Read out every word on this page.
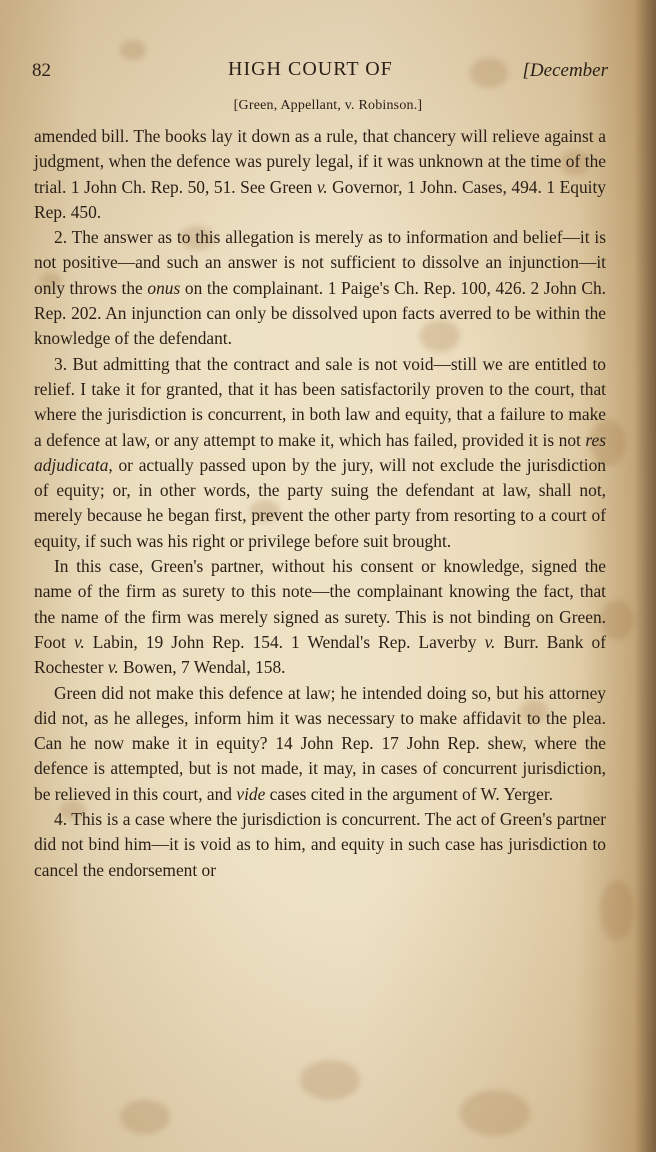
82	HIGH COURT OF	[December
[Green, Appellant, v. Robinson.]

amended bill. The books lay it down as a rule, that chancery will relieve against a judgment, when the defence was purely legal, if it was unknown at the time of the trial. 1 John Ch. Rep. 50, 51. See Green v. Governor, 1 John. Cases, 494. 1 Equity Rep. 450.

2. The answer as to this allegation is merely as to information and belief—it is not positive—and such an answer is not sufficient to dissolve an injunction—it only throws the onus on the complainant. 1 Paige's Ch. Rep. 100, 426. 2 John Ch. Rep. 202. An injunction can only be dissolved upon facts averred to be within the knowledge of the defendant.

3. But admitting that the contract and sale is not void—still we are entitled to relief. I take it for granted, that it has been satisfactorily proven to the court, that where the jurisdiction is concurrent, in both law and equity, that a failure to make a defence at law, or any attempt to make it, which has failed, provided it is not res adjudicata, or actually passed upon by the jury, will not exclude the jurisdiction of equity; or, in other words, the party suing the defendant at law, shall not, merely because he began first, prevent the other party from resorting to a court of equity, if such was his right or privilege before suit brought.

In this case, Green's partner, without his consent or knowledge, signed the name of the firm as surety to this note—the complainant knowing the fact, that the name of the firm was merely signed as surety. This is not binding on Green. Foot v. Labin, 19 John Rep. 154. 1 Wendal's Rep. Laverby v. Burr. Bank of Rochester v. Bowen, 7 Wendal, 158.

Green did not make this defence at law; he intended doing so, but his attorney did not, as he alleges, inform him it was necessary to make affidavit to the plea. Can he now make it in equity? 14 John Rep. 17 John Rep. shew, where the defence is attempted, but is not made, it may, in cases of concurrent jurisdiction, be relieved in this court, and vide cases cited in the argument of W. Yerger.

4. This is a case where the jurisdiction is concurrent. The act of Green's partner did not bind him—it is void as to him, and equity in such case has jurisdiction to cancel the endorsement or
